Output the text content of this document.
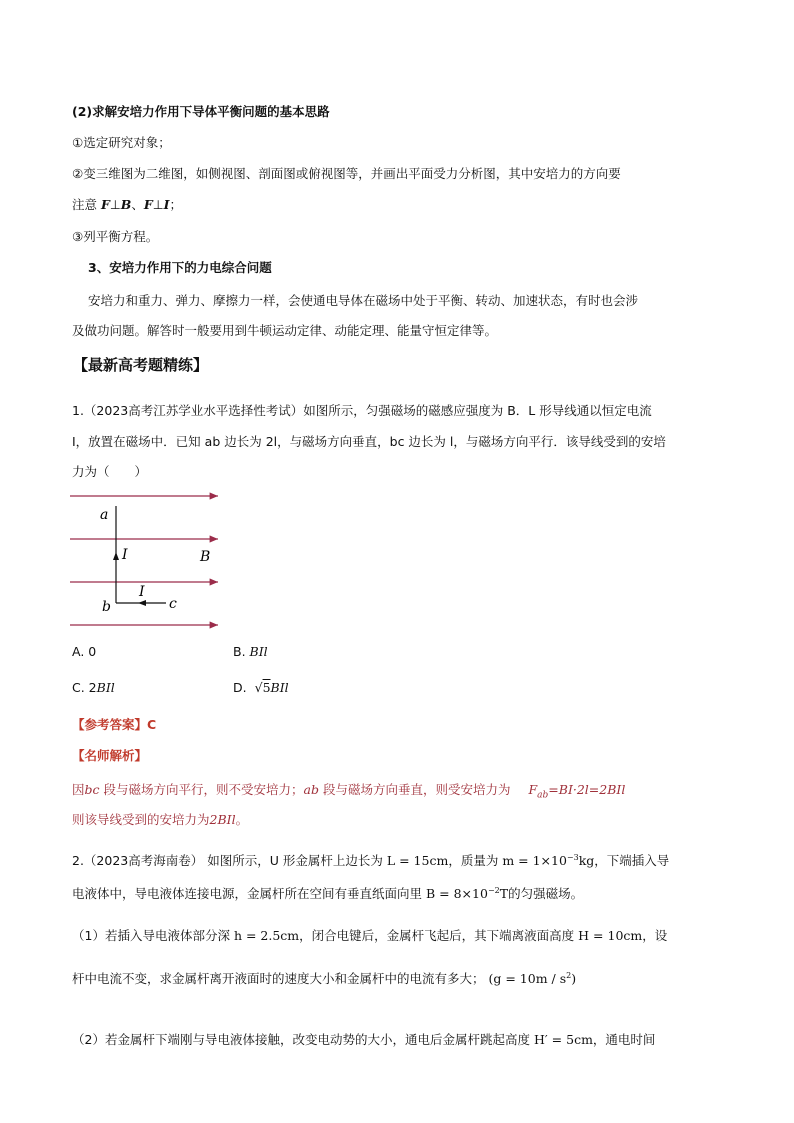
(2)求解安培力作用下导体平衡问题的基本思路
①选定研究对象；
②变三维图为二维图，如侧视图、剖面图或俯视图等，并画出平面受力分析图，其中安培力的方向要
注意 F⊥B、F⊥I；
③列平衡方程。
3、安培力作用下的力电综合问题
安培力和重力、弹力、摩擦力一样，会使通电导体在磁场中处于平衡、转动、加速状态，有时也会涉
及做功问题。解答时一般要用到牛顿运动定律、动能定理、能量守恒定律等。
【最新高考题精练】
1.（2023高考江苏学业水平选择性考试）如图所示，匀强磁场的磁感应强度为 B．L 形导线通以恒定电流
I，放置在磁场中．已知 ab 边长为 2l，与磁场方向垂直，bc 边长为 l，与磁场方向平行．该导线受到的安培
力为（　　）
a
I	B
I
b	c
A. 0	B. BIl
C. 2BIl	D. √5BIl
【参考答案】C
【名师解析】
因bc 段与磁场方向平行，则不受安培力；ab 段与磁场方向垂直，则受安培力为 $F_{ab}=BI\cdot 2l=2BIl$
则该导线受到的安培力为2BIl。
2.（2023高考海南卷） 如图所示，U 形金属杆上边长为 L = 15cm，质量为 $m = 1\times 10^{-3}kg$，下端插入导
电液体中，导电液体连接电源，金属杆所在空间有垂直纸面向里 $B = 8\times 10^{-2}T$的匀强磁场。
（1）若插入导电液体部分深 h = 2.5cm，闭合电键后，金属杆飞起后，其下端离液面高度 H = 10cm，设
杆中电流不变，求金属杆离开液面时的速度大小和金属杆中的电流有多大； $(g = 10m / s^2)$
（2）若金属杆下端刚与导电液体接触，改变电动势的大小，通电后金属杆跳起高度 H′ = 5cm，通电时间
